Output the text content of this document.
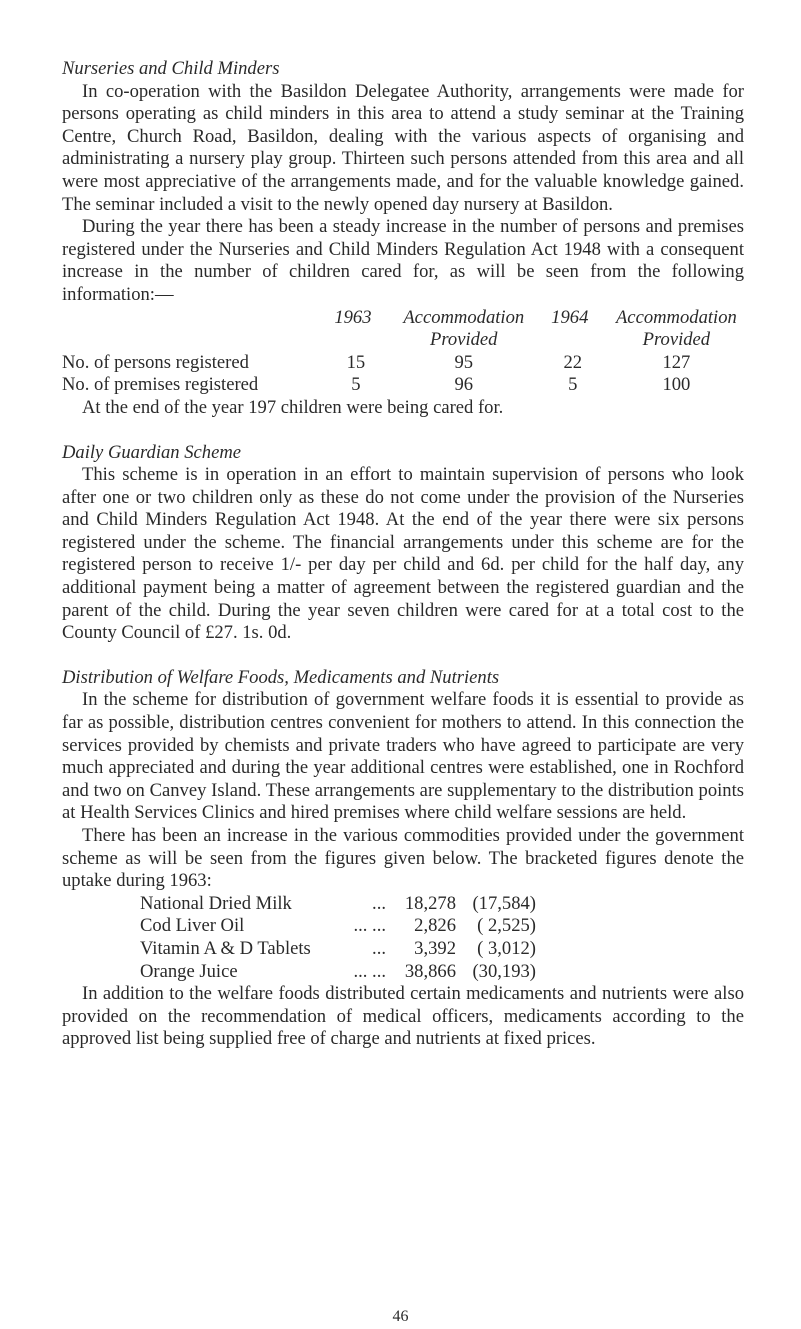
Nurseries and Child Minders

In co-operation with the Basildon Delegatee Authority, arrangements were made for persons operating as child minders in this area to attend a study seminar at the Training Centre, Church Road, Basildon, dealing with the various aspects of organising and administrating a nursery play group. Thirteen such persons attended from this area and all were most appreciative of the arrangements made, and for the valuable knowledge gained. The seminar included a visit to the newly opened day nursery at Basildon.

During the year there has been a steady increase in the number of persons and premises registered under the Nurseries and Child Minders Regulation Act 1948 with a consequent increase in the number of children cared for, as will be seen from the following information:—

	1963	Accommodation Provided	1964	Accommodation Provided
No. of persons registered	15	95	22	127
No. of premises registered	5	96	5	100

At the end of the year 197 children were being cared for.

Daily Guardian Scheme

This scheme is in operation in an effort to maintain supervision of persons who look after one or two children only as these do not come under the provision of the Nurseries and Child Minders Regulation Act 1948. At the end of the year there were six persons registered under the scheme. The financial arrangements under this scheme are for the registered person to receive 1/- per day per child and 6d. per child for the half day, any additional payment being a matter of agreement between the registered guardian and the parent of the child. During the year seven children were cared for at a total cost to the County Council of £27. 1s. 0d.

Distribution of Welfare Foods, Medicaments and Nutrients

In the scheme for distribution of government welfare foods it is essential to provide as far as possible, distribution centres convenient for mothers to attend. In this connection the services provided by chemists and private traders who have agreed to participate are very much appreciated and during the year additional centres were established, one in Rochford and two on Canvey Island. These arrangements are supplementary to the distribution points at Health Services Clinics and hired premises where child welfare sessions are held.

There has been an increase in the various commodities provided under the government scheme as will be seen from the figures given below. The bracketed figures denote the uptake during 1963:

National Dried Milk	...	18,278	(17,584)
Cod Liver Oil	... ...	2,826	( 2,525)
Vitamin A & D Tablets	...	3,392	( 3,012)
Orange Juice	... ...	38,866	(30,193)

In addition to the welfare foods distributed certain medicaments and nutrients were also provided on the recommendation of medical officers, medicaments according to the approved list being supplied free of charge and nutrients at fixed prices.

46
